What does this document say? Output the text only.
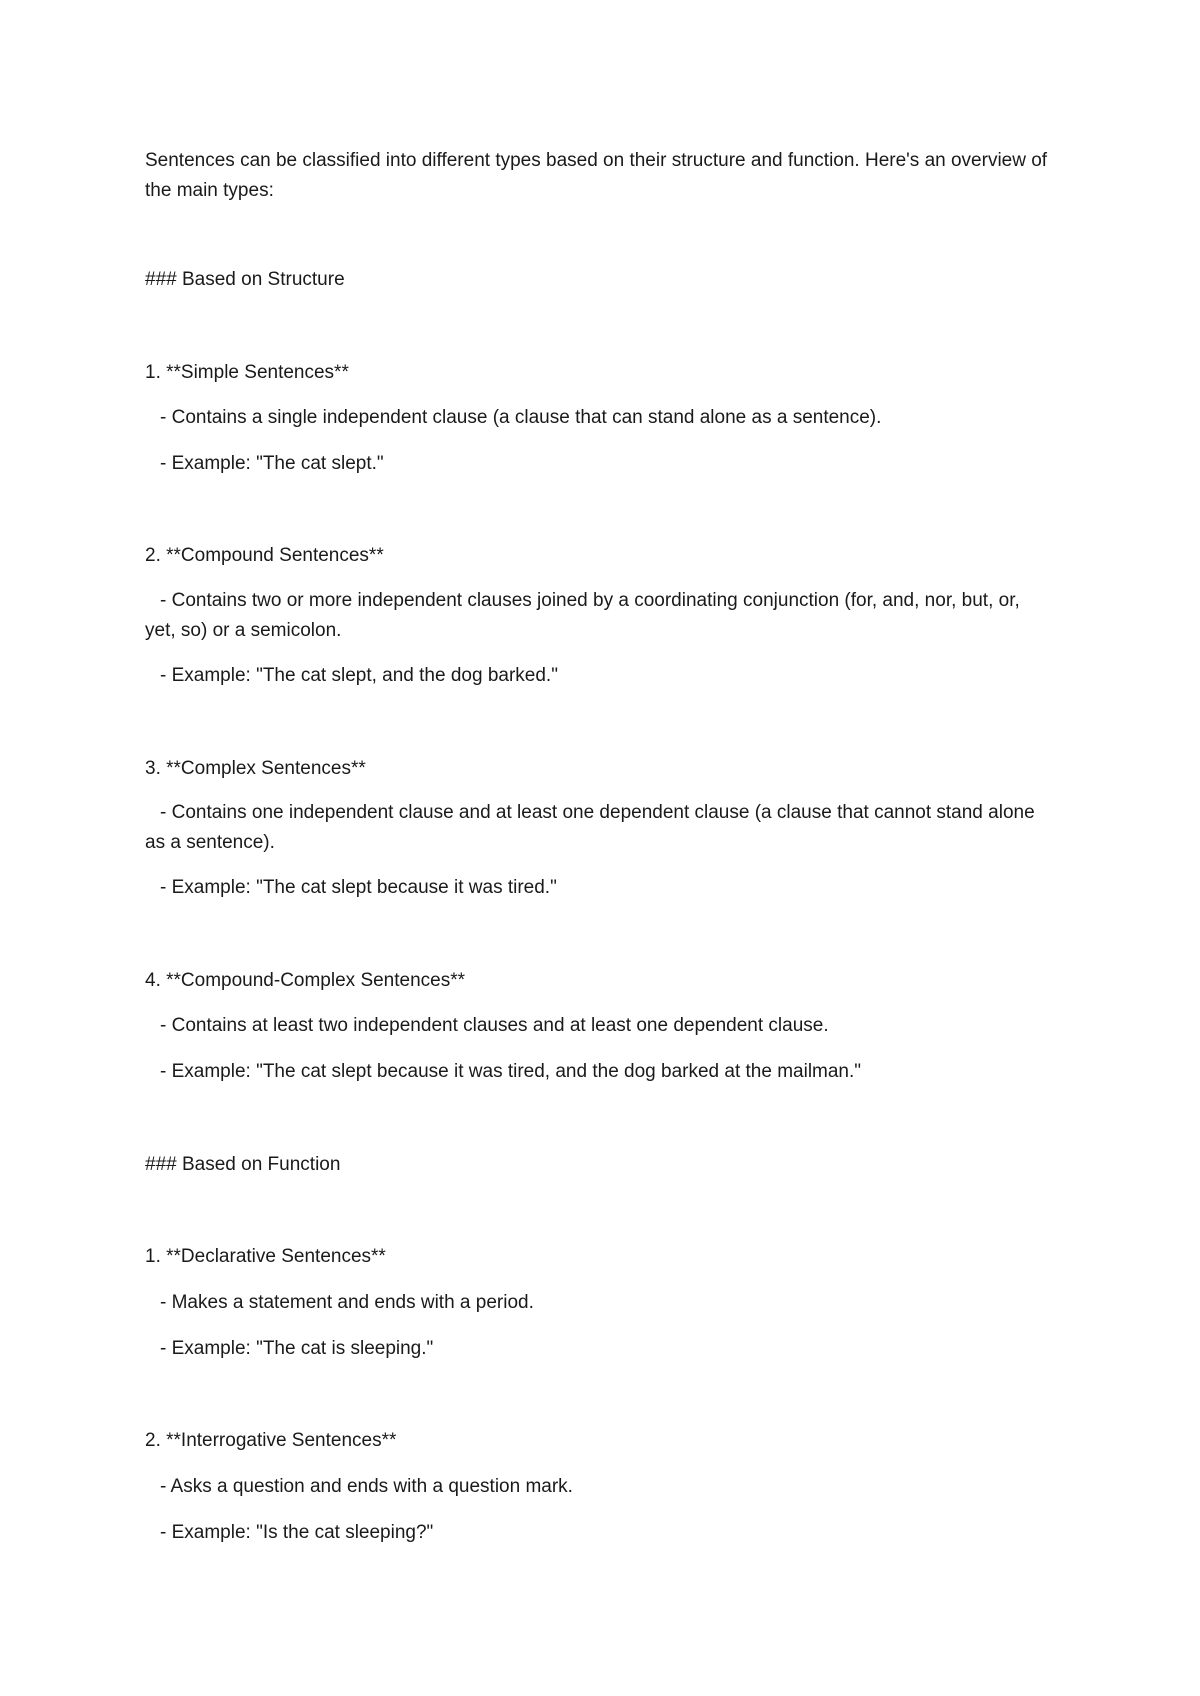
Sentences can be classified into different types based on their structure and function. Here's an overview of the main types:
### Based on Structure
1. **Simple Sentences**
- Contains a single independent clause (a clause that can stand alone as a sentence).
- Example: "The cat slept."
2. **Compound Sentences**
- Contains two or more independent clauses joined by a coordinating conjunction (for, and, nor, but, or, yet, so) or a semicolon.
- Example: "The cat slept, and the dog barked."
3. **Complex Sentences**
- Contains one independent clause and at least one dependent clause (a clause that cannot stand alone as a sentence).
- Example: "The cat slept because it was tired."
4. **Compound-Complex Sentences**
- Contains at least two independent clauses and at least one dependent clause.
- Example: "The cat slept because it was tired, and the dog barked at the mailman."
### Based on Function
1. **Declarative Sentences**
- Makes a statement and ends with a period.
- Example: "The cat is sleeping."
2. **Interrogative Sentences**
- Asks a question and ends with a question mark.
- Example: "Is the cat sleeping?"
